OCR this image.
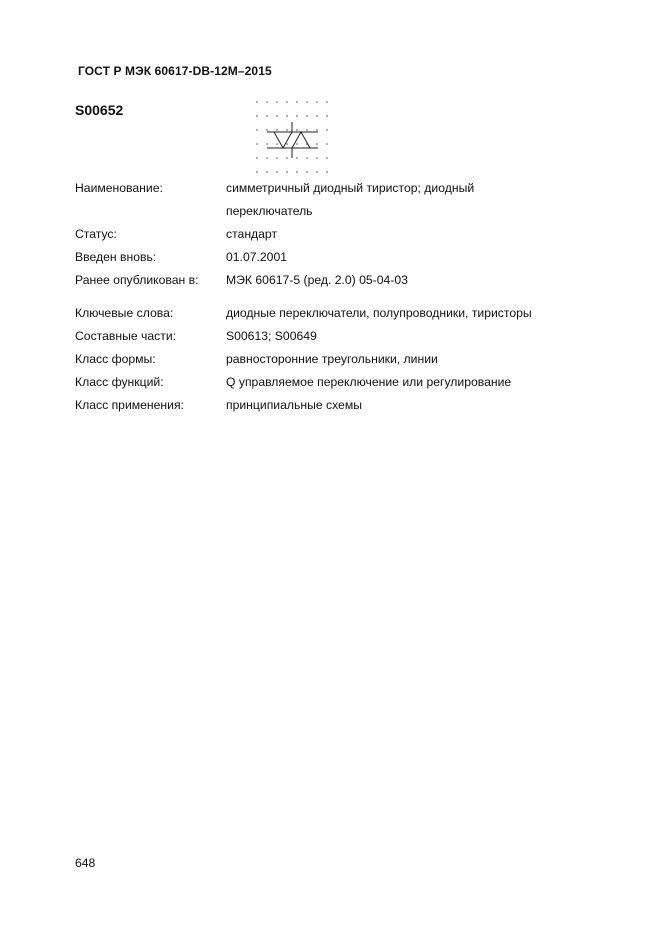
ГОСТ Р МЭК 60617-DB-12М–2015
S00652
Наименование:	симметричный диодный тиристор; диодный переключатель
Статус:	стандарт
Введен вновь:	01.07.2001
Ранее опубликован в:	МЭК 60617-5 (ред. 2.0) 05-04-03
Ключевые слова:	диодные переключатели, полупроводники, тиристоры
Составные части:	S00613; S00649
Класс формы:	равносторонние треугольники, линии
Класс функций:	Q управляемое переключение или регулирование
Класс применения:	принципиальные схемы
648
